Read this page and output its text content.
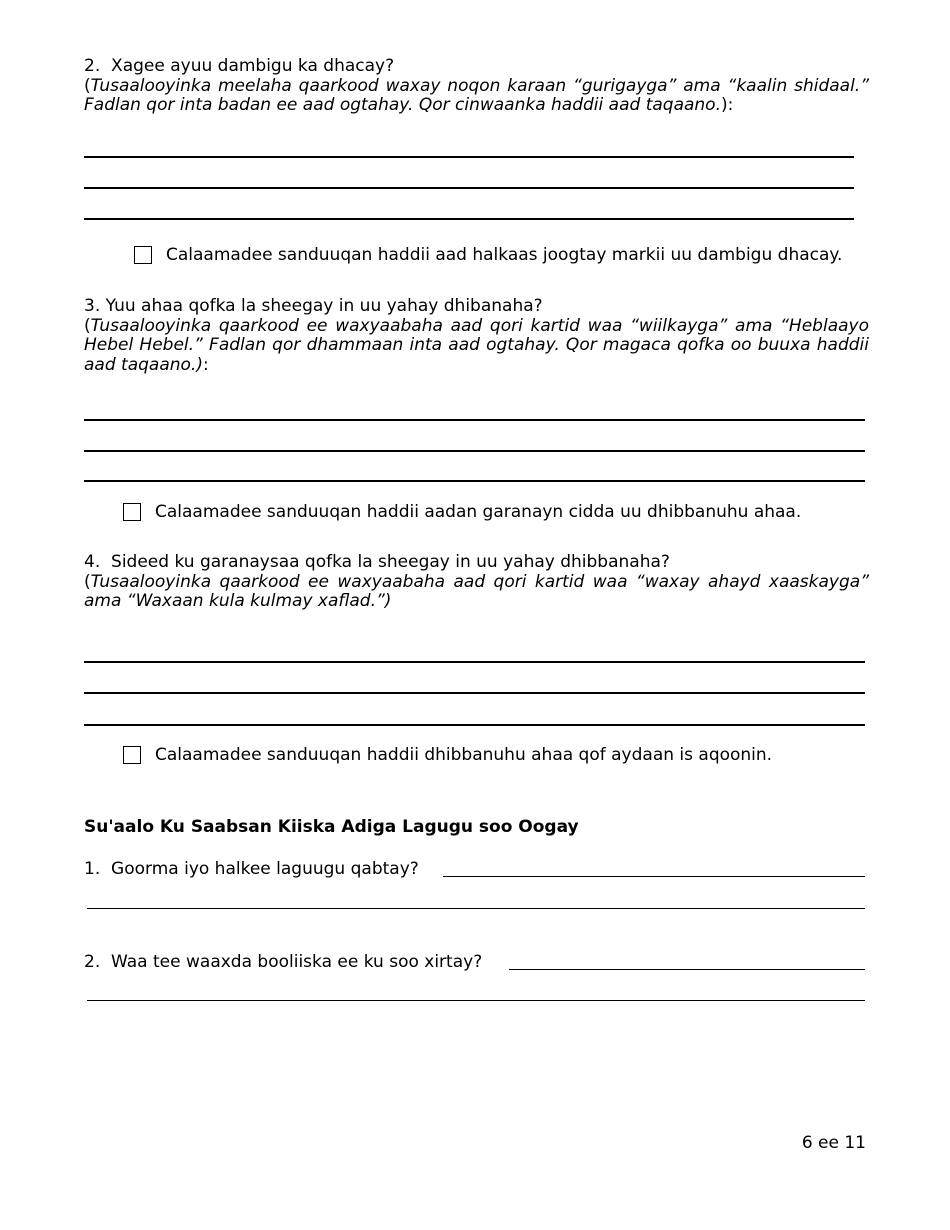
2. Xagee ayuu dambigu ka dhacay?

(Tusaalooyinka meelaha qaarkood waxay noqon karaan “gurigayga” ama “kaalin shidaal.” Fadlan qor inta badan ee aad ogtahay. Qor cinwaanka haddii aad taqaano.):

Calaamadee sanduuqan haddii aad halkaas joogtay markii uu dambigu dhacay.

3. Yuu ahaa qofka la sheegay in uu yahay dhibanaha?

(Tusaalooyinka qaarkood ee waxyaabaha aad qori kartid waa “wiilkayga” ama “Heblaayo Hebel Hebel.” Fadlan qor dhammaan inta aad ogtahay. Qor magaca qofka oo buuxa haddii aad taqaano.):

Calaamadee sanduuqan haddii aadan garanayn cidda uu dhibbanuhu ahaa.

4. Sideed ku garanaysaa qofka la sheegay in uu yahay dhibbanaha?

(Tusaalooyinka qaarkood ee waxyaabaha aad qori kartid waa “waxay ahayd xaaskayga” ama “Waxaan kula kulmay xaflad.”)

Calaamadee sanduuqan haddii dhibbanuhu ahaa qof aydaan is aqoonin.
Su'aalo Ku Saabsan Kiiska Adiga Lagugu soo Oogay
1. Goorma iyo halkee laguugu qabtay?
2. Waa tee waaxda booliiska ee ku soo xirtay?
6 ee 11
